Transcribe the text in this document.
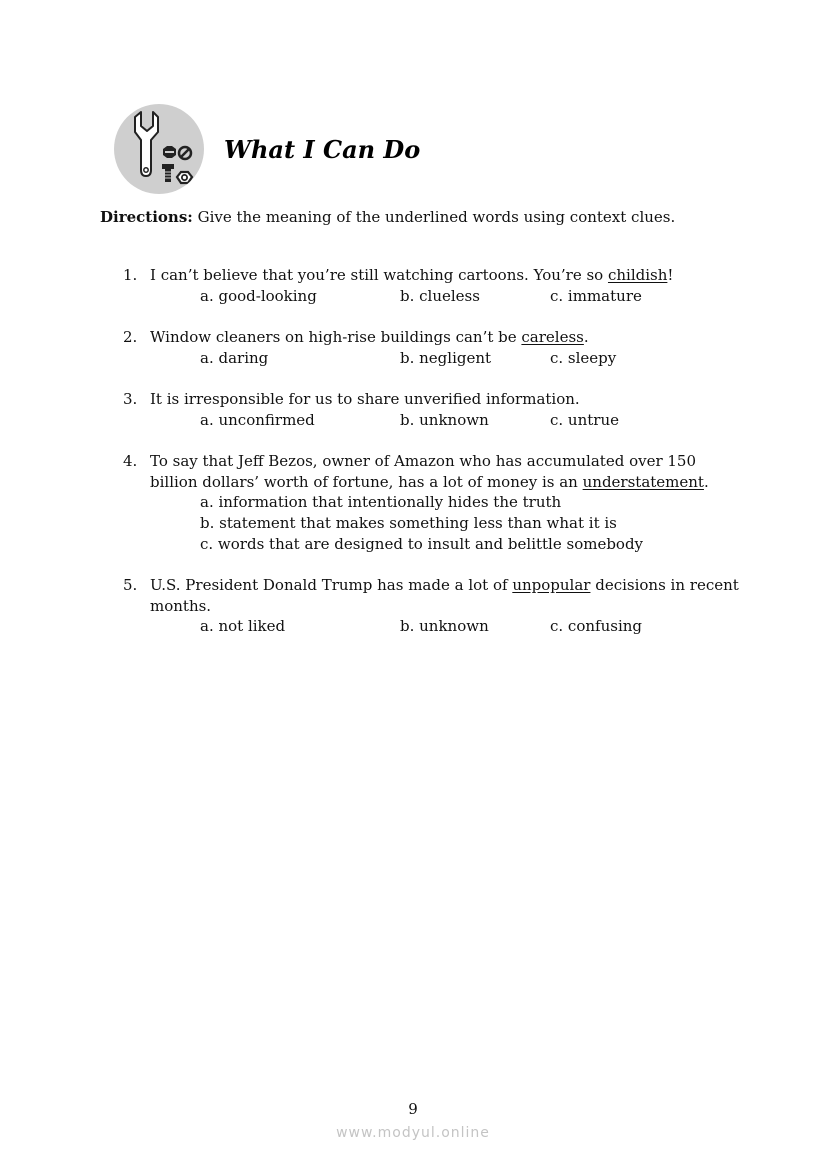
What I Can Do

Directions: Give the meaning of the underlined words using context clues.

1. I can’t believe that you’re still watching cartoons. You’re so childish!
a. good-looking	b. clueless	c. immature
2. Window cleaners on high-rise buildings can’t be careless.
a. daring	b. negligent	c. sleepy
3. It is irresponsible for us to share unverified information.
a. unconfirmed	b. unknown	c. untrue
4. To say that Jeff Bezos, owner of Amazon who has accumulated over 150 billion dollars’ worth of fortune, has a lot of money is an understatement.
a. information that intentionally hides the truth
b. statement that makes something less than what it is
c. words that are designed to insult and belittle somebody
5. U.S. President Donald Trump has made a lot of unpopular decisions in recent months.
a. not liked	b. unknown	c. confusing
9
www.modyul.online
